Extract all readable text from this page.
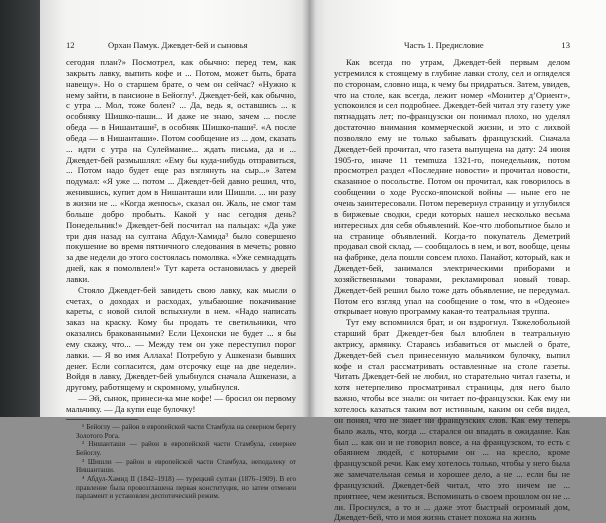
12	Орхан Памук. Джевдет-бей и сыновья

сегодня план?» Посмотрел, как обычно: перед тем, как закрыть лавку, выпить кофе и ... Потом, может быть, брата навещу». Но о старшем брате, о чем он сейчас? «Нужно к нему зайти, в пансионе в Бейоглу¹. Джевдет-бей, как обычно, с утра ... Мол, тоже болен? ... Да, ведь я, оставшись ... к особняку Шишко-паши... И даже не знаю, зачем ... после обеда — в Нишанташи², в особняк Шишко-паши². «А после обеда — в Нишанташи». Потом сообщение из ... дом, сказать ... идти с утра на Сулеймание... ждать письма, да и ... Джевдет-бей размышлял: «Ему бы куда-нибудь отправиться, ... Потом надо будет еще раз взглянуть на сыр...» Затем подумал: «Я уже ... потом ... Джевдет-бей давно решил, что, женившись, купит дом в Нишанташи или Шишли. ... ни разу в жизни не ... «Когда женюсь», сказал он. Жаль, не смог там больше добро пробыть. Какой у нас сегодня день? Понедельник!» Джевдет-бей посчитал на пальцах: «Да уже три дня назад на султана Абдул-Хамида³ было совершено покушение во время пятничного следования в мечеть; ровно за две недели до этого состоялась помолвка. «Уже семнадцать дней, как я помолвлен!» Тут карета остановилась у дверей лавки.

Стояло Джевдет-бей завидеть свою лавку, как мысли о счетах, о доходах и расходах, улыбаюшие покачивание кареты, с новой силой вспыхнули в нем. «Надо написать заказ на краску. Кому бы продать те светильники, что оказались бракованными? Если Цехонски не будет ... я бы ему скажу, что... — Между тем он уже переступил порог лавки. — Я во имя Аллаха! Потребую у Ашкенази бывших денег. Если согласится, дам отсрочку еще на две недели». Войдя в лавку, Джевдет-бей улыбнулся сначала Ашкенази, а другому, работящему и скромному, улыбнулся.

— Эй, сынок, принеси-ка мне кофе! — бросил он первому мальчику. — Да купи еще булочку!

¹ Бейоглу — район в европейской части Стамбула на северном берегу Золотого Рога.

² Нишанташи — район в европейской части Стамбула, севернее Бейоглу.

³ Шишли — район в европейской части Стамбула, неподалеку от Нишанташи.

⁴ Абдул-Хамид II (1842–1918) — турецкий султан (1876–1909). В его правление была провозглашена первая конституция, но затем отменен парламент и установлен деспотический режим.

Часть 1. Предисловие	13

Как всегда по утрам, Джевдет-бей первым делом устремился к стоящему в глубине лавки столу, сел и огляделся по сторонам, словно ища, к чему бы придраться. Затем, увидев, что на столе, как всегда, лежит номер «Монитер д’Ориент», успокоился и сел подробнее. Джевдет-бей читал эту газету уже пятнадцать лет; по-французски он понимал плохо, но уделял достаточно внимания коммерческой жизни, и это с лихвой позволяло ему не только забывать французский. Сначала Джевдет-бей прочитал, что газета выпущена на дату: 24 июня 1905-го, иначе 11 темmuza 1321-го, понедельник, потом просмотрел раздел «Последние новости» и прочитал новости, сказанное о посольстве. Потом он прочитал, как говорилось в сообщении о ходе Русско-японской войны — ныне его не очень заинтересовали. Потом перевернул страницу и углубился в биржевые сводки, среди которых нашел несколько весьма интересных для себя объявлений. Кое-что любопытное было и на странице объявлений. Когда-то покупатель Деметрий продавал свой склад, — сообщалось в нем, и вот, вообще, цены на фабрике, дела пошли совсем плохо. Панайот, который, как и Джевдет-бей, занимался электрическими приборами и хозяйственными товарами, рекламировал новый товар. Джевдет-бей решил было тоже дать объявление, не передумал. Потом его взгляд упал на сообщение о том, что в «Одеоне» открывает новую программу какая-то театральная труппа.

Тут ему вспомнился брат, и он вздрогнул. Тяжелобольной старший брат Джевдет-бея был влюблен в театральную актрису, армянку. Стараясь избавиться от мыслей о брате, Джевдет-бей съел принесенную мальчиком булочку, выпил кофе и стал рассматривать оставленные на столе газеты. Читать Джевдет-бей не любил, но старательно читал газеты, и хотя нетерпеливо просматривал страницы, для него было важно, чтобы все знали: он читает по-французски. Как ему ни хотелось казаться таким вот истинным, каким он себя видел, он понял, что не знает ни французских слов. Как ему теперь было жаль, что, когда ... старался он впадать в ожидание. Как был ... как он и не говорил вовсе, а на французском, то есть с обаянием людей, с которыми он ... на кресло, кроме французской речи. Как ему хотелось только, чтобы у него была же замечательная семья и хорошее дело, а не ... если бы не французский. Джевдет-бей читал, что это ничем не ... приятнее, чем жениться. Вспоминать о своем прошлом он не ... ли. Проснулся, а то и ... даже этот быстрый огромный дом, Джевдет-бей, что и моя жизнь станет похожа на жизнь
